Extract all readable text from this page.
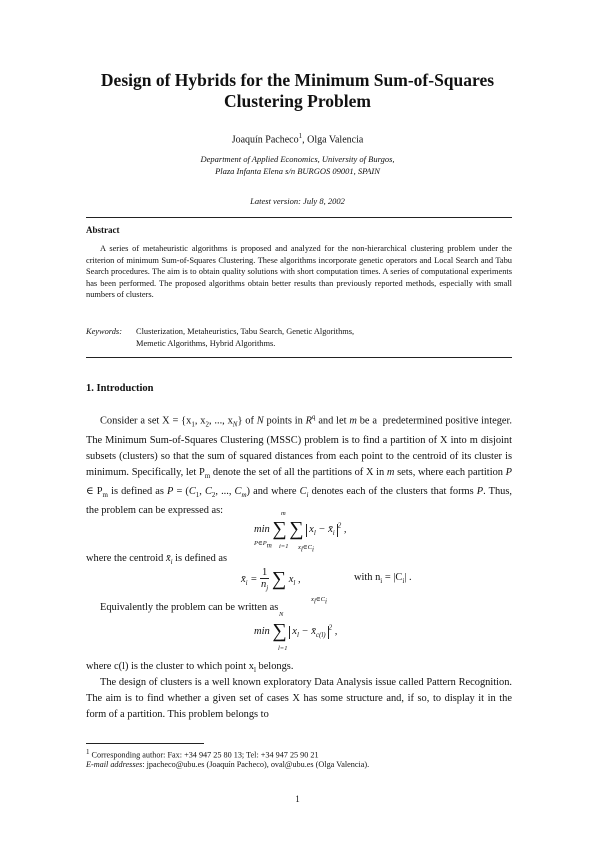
Design of Hybrids for the Minimum Sum-of-Squares
Clustering Problem
Joaquín Pacheco$^1$, Olga Valencia
Department of Applied Economics, University of Burgos,
Plaza Infanta Elena s/n BURGOS 09001, SPAIN
Latest version: July 8, 2002
Abstract
A series of metaheuristic algorithms is proposed and analyzed for the non-hierarchical clustering problem under the criterion of minimum Sum-of-Squares Clustering. These algorithms incorporate genetic operators and Local Search and Tabu Search procedures. The aim is to obtain quality solutions with short computation times. A series of computational experiments has been performed. The proposed algorithms obtain better results than previously reported methods, especially with small numbers of clusters.
Keywords: Clusterization, Metaheuristics, Tabu Search, Genetic Algorithms,
Memetic Algorithms, Hybrid Algorithms.
1. Introduction
Consider a set $X = \{x_1$, $x_2$, ..., $x_N$} of N points in $R^q$ and let m be a  predetermined positive integer. The Minimum Sum-of-Squares Clustering (MSSC) problem is to find a partition of X into m disjoint subsets (clusters) so that the sum of squared distances from each point to the centroid of its cluster is minimum. Specifically, let $P_m$ denote the set of all the partitions of X in m sets, where each partition P ∈ $P_m$ is defined as $P = (C_1$, $C_2$, ..., $C_m$) and where $C_i$ denotes each of the clusters that forms P. Thus, the problem can be expressed as:
min ∑ ∑ $x_l$ − $x̄_i^2$ ,
$P\in P_m$ i=1
m
$x_l\in C_i$
where the centroid $x̄_i$ is defined as
$x̄_i = \frac{1}{n_j}$ ∑ $x_l$ ,
$x_l\in C_i$
with $n_i = |C_i|$ .
Equivalently the problem can be written as
min ∑ $x_l$ − $x̄_{c(l)}^2$ ,
N
l=1
where c(l) is the cluster to which point $x_l$ belongs.
The design of clusters is a well known exploratory Data Analysis issue called Pattern Recognition. The aim is to find whether a given set of cases X has some structure and, if so, to display it in the form of a partition. This problem belongs to
$^1$ Corresponding author: Fax: +34 947 25 80 13; Tel: +34 947 25 90 21
E-mail addresses: jpacheco@ubu.es (Joaquín Pacheco), oval@ubu.es (Olga Valencia).
1
